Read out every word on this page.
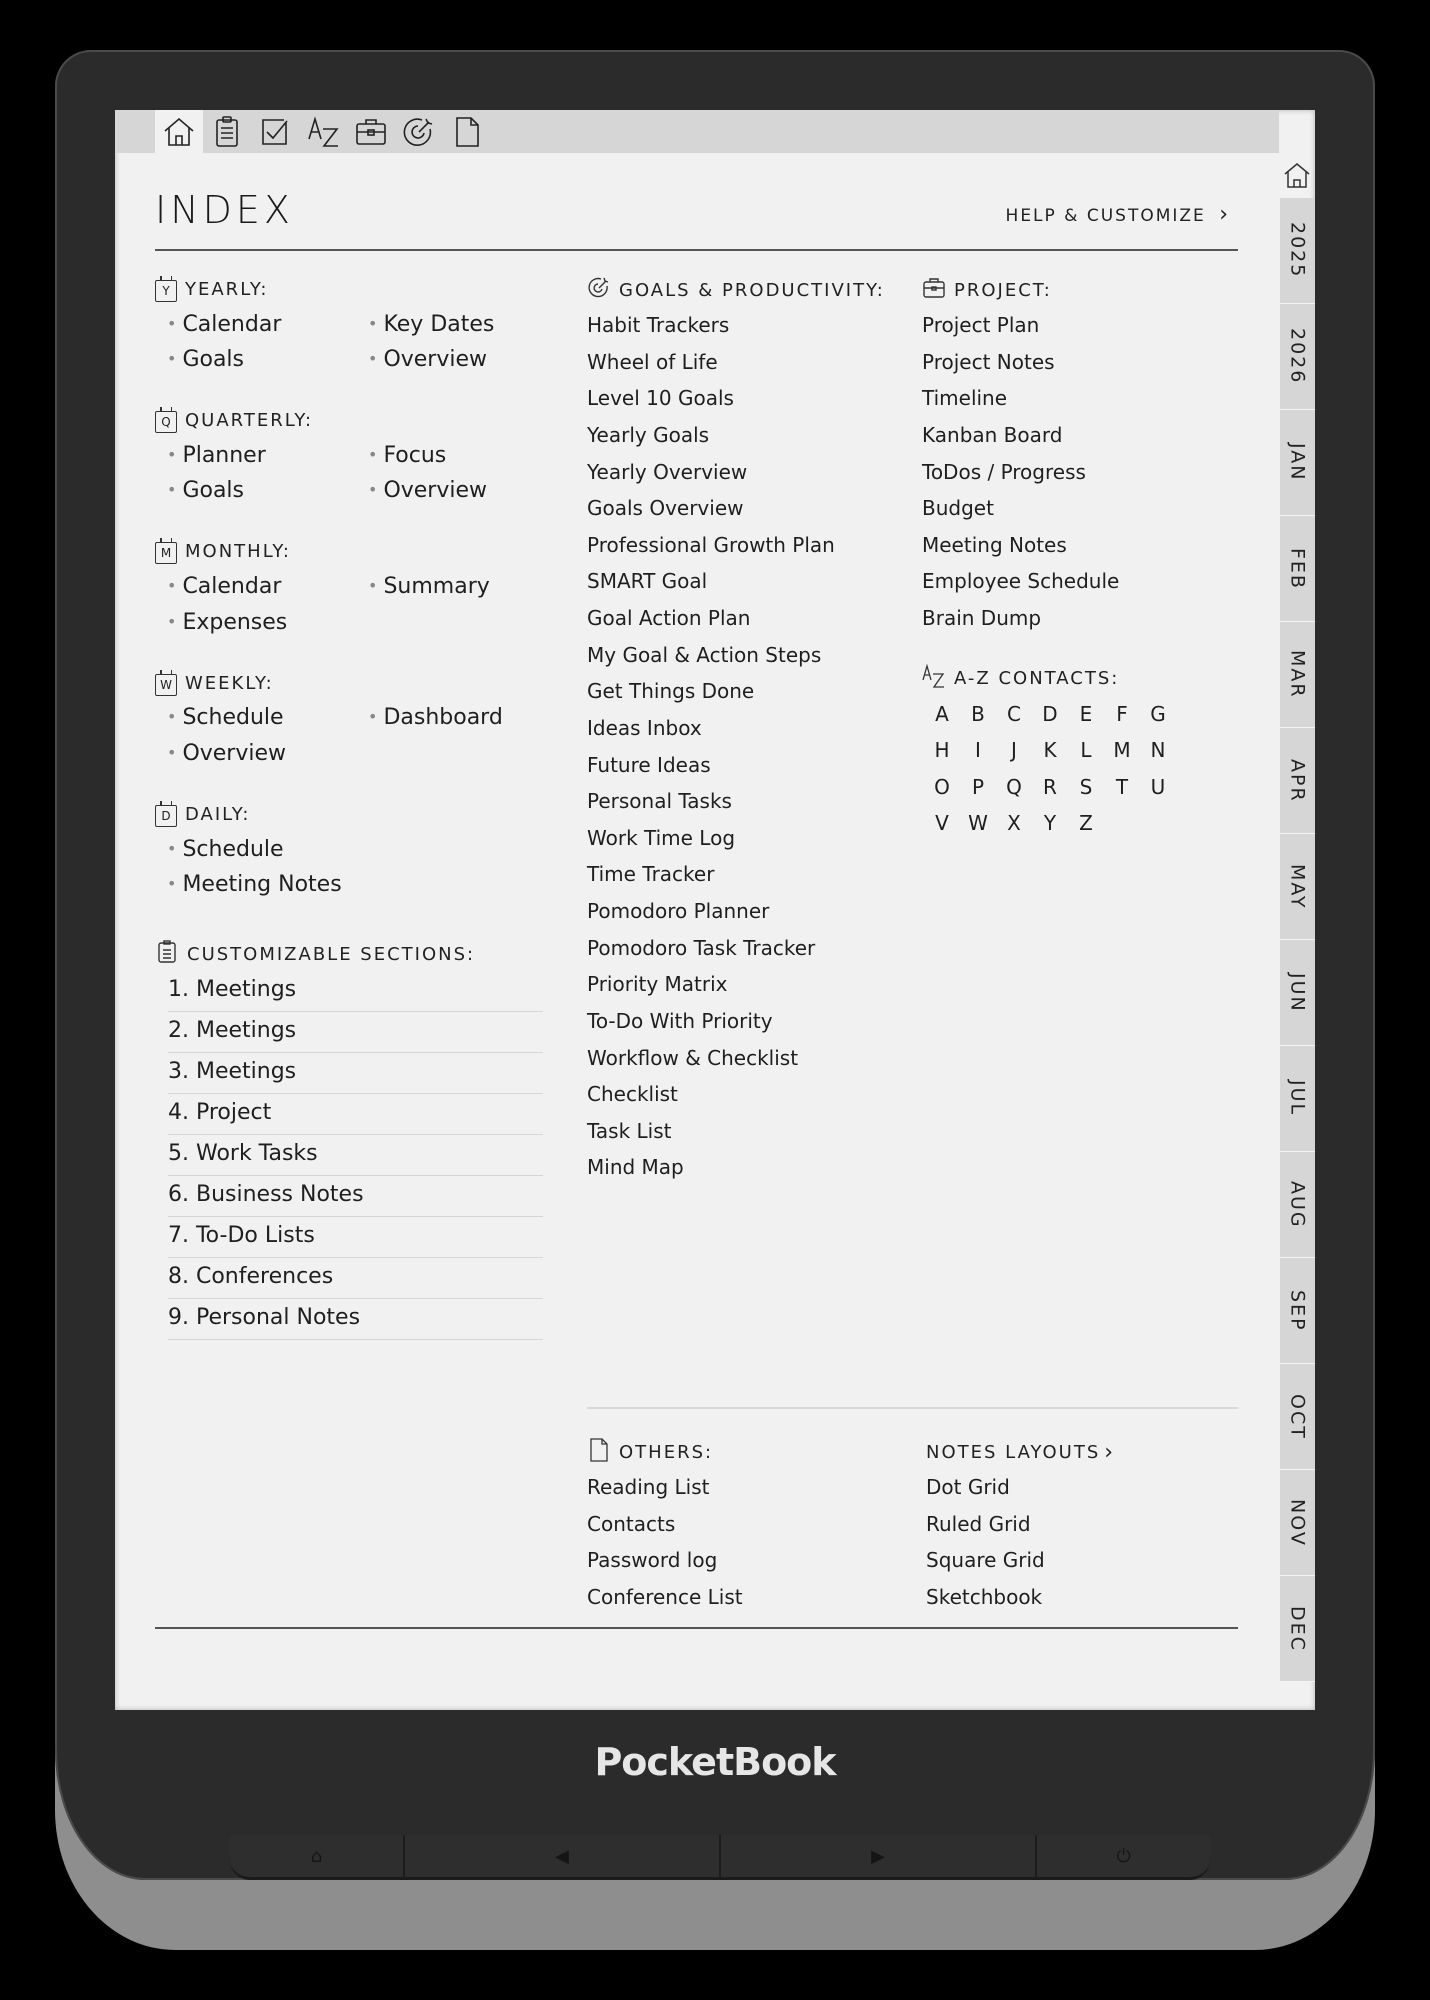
2025
2026
JAN
FEB
MAR
APR
MAY
JUN
JUL
AUG
SEP
OCT
NOV
DEC
INDEX	HELP & CUSTOMIZE ›
Y YEARLY:
• Calendar	• Key Dates
• Goals	• Overview
Q QUARTERLY:
• Planner	• Focus
• Goals	• Overview
M MONTHLY:
• Calendar	• Summary
• Expenses
W WEEKLY:
• Schedule	• Dashboard
• Overview
D DAILY:
• Schedule
• Meeting Notes
CUSTOMIZABLE SECTIONS:
1. Meetings
2. Meetings
3. Meetings
4. Project
5. Work Tasks
6. Business Notes
7. To-Do Lists
8. Conferences
9. Personal Notes
GOALS & PRODUCTIVITY:
Habit Trackers
Wheel of Life
Level 10 Goals
Yearly Goals
Yearly Overview
Goals Overview
Professional Growth Plan
SMART Goal
Goal Action Plan
My Goal & Action Steps
Get Things Done
Ideas Inbox
Future Ideas
Personal Tasks
Work Time Log
Time Tracker
Pomodoro Planner
Pomodoro Task Tracker
Priority Matrix
To-Do With Priority
Workflow & Checklist
Checklist
Task List
Mind Map
PROJECT:
Project Plan
Project Notes
Timeline
Kanban Board
ToDos / Progress
Budget
Meeting Notes
Employee Schedule
Brain Dump
A-Z CONTACTS:
A	B	C	D	E	F	G
H	I	J	K	L	M N
O	P	Q	R	S	T	U
V W X	Y	Z
OTHERS:
Reading List
Contacts
Password log
Conference List
NOTES LAYOUTS ›
Dot Grid
Ruled Grid
Square Grid
Sketchbook
PocketBook
⌂	◀	▶	⏻
